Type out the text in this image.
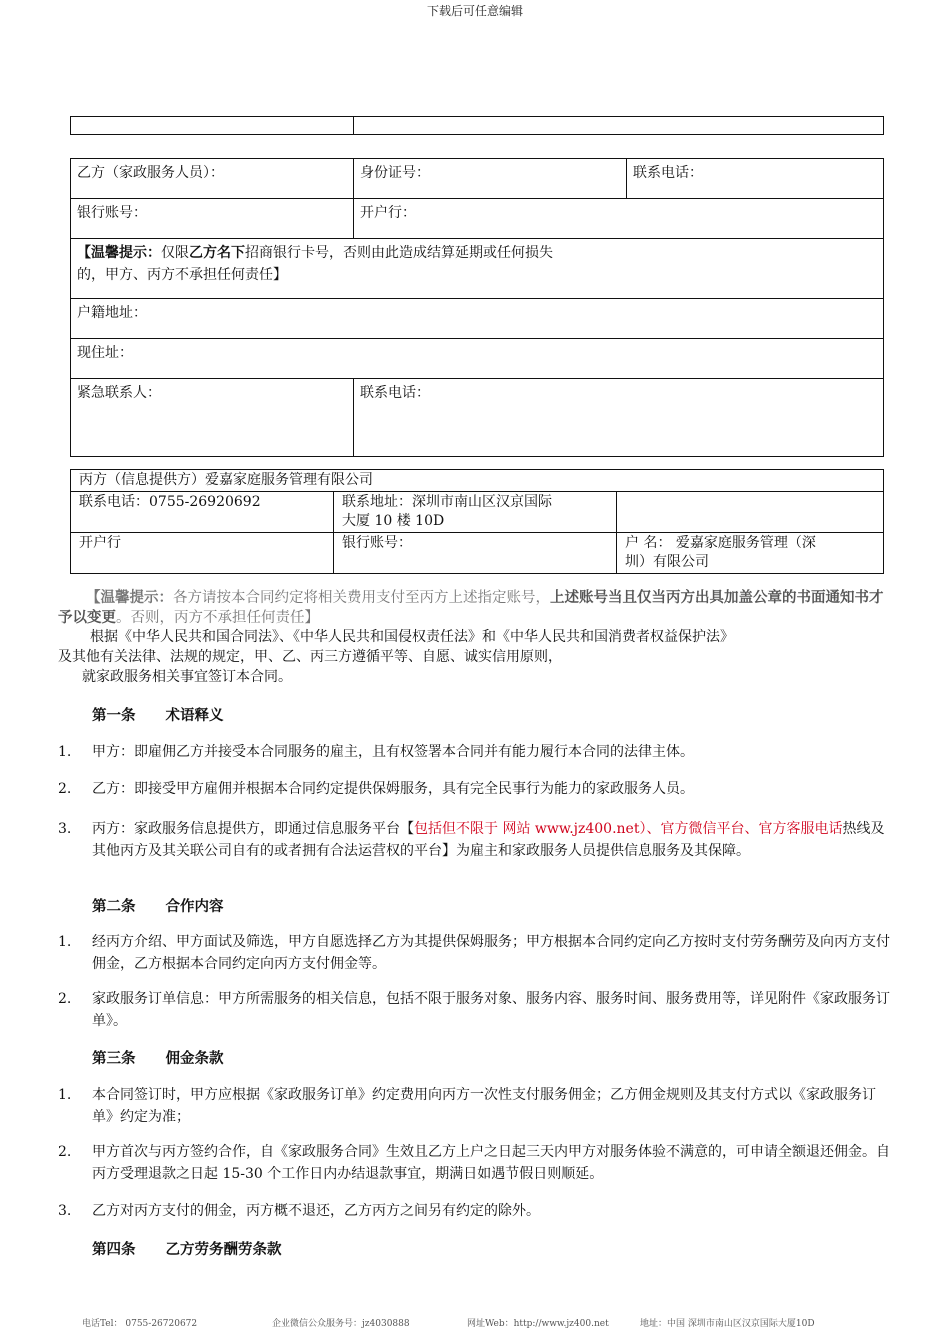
下载后可任意编辑

乙方（家政服务人员）：	身份证号：	联系电话：
银行账号：	开户行：	
【温馨提示：仅限乙方名下招商银行卡号，否则由此造成结算延期或任何损失的，甲方、丙方不承担任何责任】		
户籍地址：		
现住址：		
紧急联系人：	联系电话：	
丙方（信息提供方）爱嘉家庭服务管理有限公司		
联系电话：0755-26920692	联系地址：深圳市南山区汉京国际
大厦 10 楼 10D	
开户行	银行账号：	户 名： 爱嘉家庭服务管理（深
圳）有限公司
【温馨提示：各方请按本合同约定将相关费用支付至丙方上述指定账号，上述账号当且仅当丙方出具加盖公章的书面通知书才予以变更。否则，丙方不承担任何责任】
根据《中华人民共和国合同法》、《中华人民共和国侵权责任法》和《中华人民共和国消费者权益保护法》
及其他有关法律、法规的规定，甲、乙、丙三方遵循平等、自愿、诚实信用原则，
就家政服务相关事宜签订本合同。
第一条 术语释义
1. 甲方：即雇佣乙方并接受本合同服务的雇主，且有权签署本合同并有能力履行本合同的法律主体。
2. 乙方：即接受甲方雇佣并根据本合同约定提供保姆服务，具有完全民事行为能力的家政服务人员。
3. 丙方：家政服务信息提供方，即通过信息服务平台【包括但不限于 网站 www.jz400.net）、官方微信平台、官方客服电话热线及其他丙方及其关联公司自有的或者拥有合法运营权的平台】为雇主和家政服务人员提供信息服务及其保障。
第二条 合作内容
1. 经丙方介绍、甲方面试及筛选，甲方自愿选择乙方为其提供保姆服务；甲方根据本合同约定向乙方按时支付劳务酬劳及向丙方支付佣金，乙方根据本合同约定向丙方支付佣金等。
2. 家政服务订单信息：甲方所需服务的相关信息，包括不限于服务对象、服务内容、服务时间、服务费用等，详见附件《家政服务订单》。
第三条 佣金条款
1. 本合同签订时，甲方应根据《家政服务订单》约定费用向丙方一次性支付服务佣金；乙方佣金规则及其支付方式以《家政服务订单》约定为准；
2. 甲方首次与丙方签约合作，自《家政服务合同》生效且乙方上户之日起三天内甲方对服务体验不满意的，可申请全额退还佣金。自丙方受理退款之日起 15-30 个工作日内办结退款事宜，期满日如遇节假日则顺延。
3. 乙方对丙方支付的佣金，丙方概不退还，乙方丙方之间另有约定的除外。
第四条 乙方劳务酬劳条款
电话Tel： 0755-26720672	企业微信公众服务号：jz4030888	网址Web：http://www.jz400.net	地址：中国 深圳市南山区汉京国际大厦10D
